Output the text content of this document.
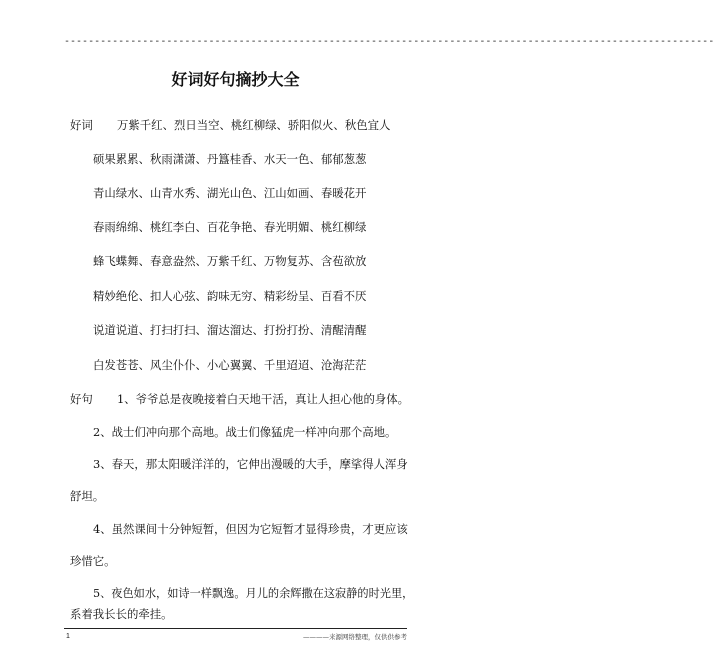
------------------------------------------------------------------------------------------------------------
好词好句摘抄大全
好词 万紫千红、烈日当空、桃红柳绿、骄阳似火、秋色宜人
硕果累累、秋雨潇潇、丹簋桂香、水天一色、郁郁葱葱
青山绿水、山青水秀、湖光山色、江山如画、春暖花开
春雨绵绵、桃红李白、百花争艳、春光明媚、桃红柳绿
蜂飞蝶舞、春意盎然、万紫千红、万物复苏、含苞欲放
精妙绝伦、扣人心弦、韵味无穷、精彩纷呈、百看不厌
说道说道、打扫打扫、溜达溜达、打扮打扮、清醒清醒
白发苍苍、风尘仆仆、小心翼翼、千里迢迢、沧海茫茫
好句 1、爷爷总是夜晚接着白天地干活，真让人担心他的身体。
2、战士们冲向那个高地。战士们像猛虎一样冲向那个高地。
3、春天，那太阳暖洋洋的，它伸出漫暖的大手，摩挲得人浑身
舒坦。
4、虽然课间十分钟短暂，但因为它短暂才显得珍贵，才更应该
珍惜它。
5、夜色如水，如诗一样飘逸。月儿的余辉撒在这寂静的时光里，
1	————来源网络整理，仅供供参考
系着我长长的牵挂。
